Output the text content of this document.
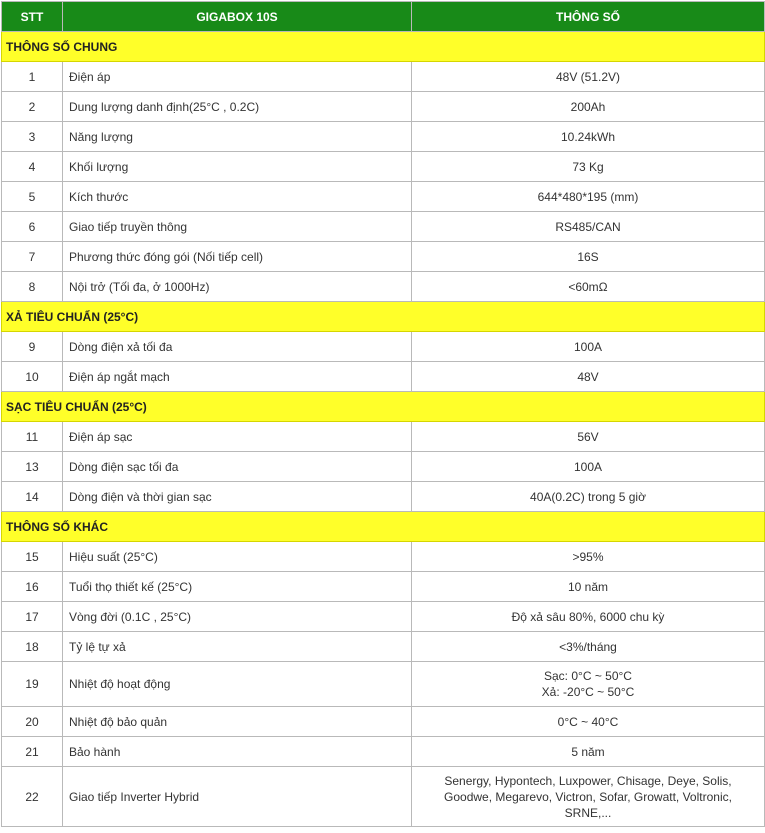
STT	GIGABOX 10S	THÔNG SỐ
THÔNG SỐ CHUNG		
1	Điện áp	48V (51.2V)

2	Dung lượng danh định(25°C , 0.2C)	200Ah

3	Năng lượng	10.24kWh

4	Khối lượng	73 Kg

5	Kích thước	644*480*195 (mm)

6	Giao tiếp truyền thông	RS485/CAN

7	Phương thức đóng gói (Nối tiếp cell)	16S

8	Nội trở (Tối đa, ở 1000Hz)	<60mΩ

XẢ TIÊU CHUẨN (25°C)		
9	Dòng điện xả tối đa	100A

10	Điện áp ngắt mạch	48V

SẠC TIÊU CHUẨN (25°C)		
11	Điện áp sạc	56V

13	Dòng điện sạc tối đa	100A

14	Dòng điện và thời gian sạc	40A(0.2C) trong 5 giờ

THÔNG SỐ KHÁC		
15	Hiệu suất (25°C)	>95%

16	Tuổi thọ thiết kế (25°C)	10 năm

17	Vòng đời (0.1C , 25°C)	Độ xả sâu 80%, 6000 chu kỳ

18	Tỷ lệ tự xả	<3%/tháng

19	Nhiệt độ hoạt động	Sạc: 0°C ~ 50°C
Xả: -20°C ~ 50°C

20	Nhiệt độ bảo quản	0°C ~ 40°C

21	Bảo hành	5 năm

22	Giao tiếp Inverter Hybrid	Senergy, Hypontech, Luxpower, Chisage, Deye, Solis,
Goodwe, Megarevo, Victron, Sofar, Growatt, Voltronic,
SRNE,...
